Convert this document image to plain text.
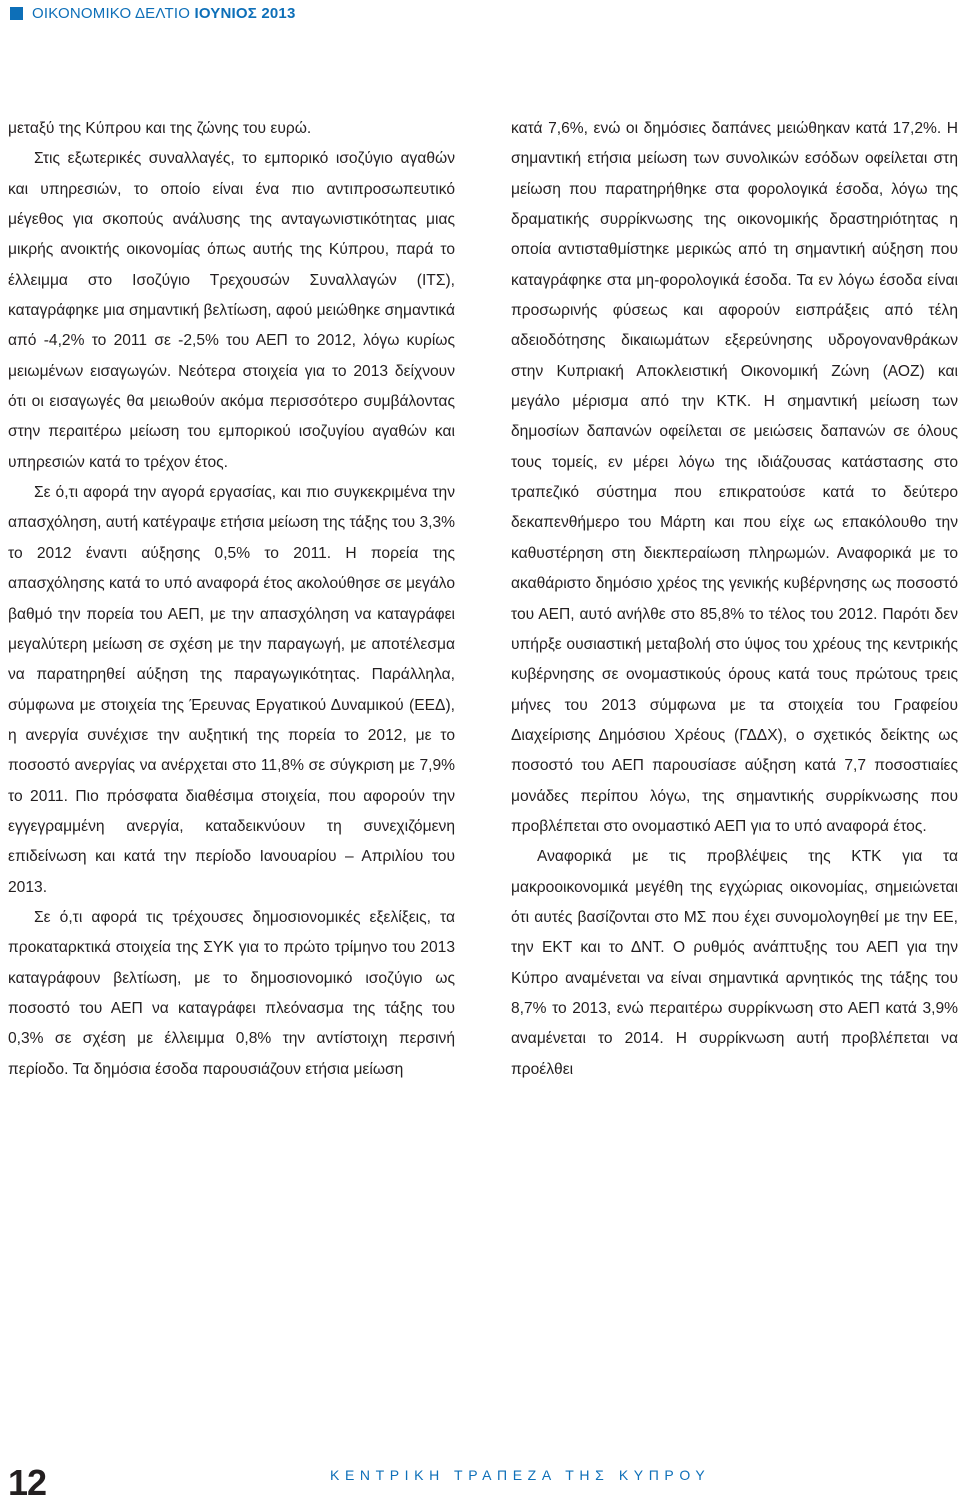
ΟΙΚΟΝΟΜΙΚΟ ΔΕΛΤΙΟ ΙΟΥΝΙΟΣ 2013

μεταξύ της Κύπρου και της ζώνης του ευρώ.

Στις εξωτερικές συναλλαγές, το εμπορικό ισοζύγιο αγαθών και υπηρεσιών, το οποίο είναι ένα πιο αντιπροσωπευτικό μέγεθος για σκοπούς ανάλυσης της ανταγωνιστικότητας μιας μικρής ανοικτής οικονομίας όπως αυτής της Κύπρου, παρά το έλλειμμα στο Ισοζύγιο Τρεχουσών Συναλλαγών (ΙΤΣ), καταγράφηκε μια σημαντική βελτίωση, αφού μειώθηκε σημαντικά από -4,2% το 2011 σε -2,5% του ΑΕΠ το 2012, λόγω κυρίως μειωμένων εισαγωγών. Νεότερα στοιχεία για το 2013 δείχνουν ότι οι εισαγωγές θα μειωθούν ακόμα περισσότερο συμβάλοντας στην περαιτέρω μείωση του εμπορικού ισοζυγίου αγαθών και υπηρεσιών κατά το τρέχον έτος.

Σε ό,τι αφορά την αγορά εργασίας, και πιο συγκεκριμένα την απασχόληση, αυτή κατέγραψε ετήσια μείωση της τάξης του 3,3% το 2012 έναντι αύξησης 0,5% το 2011. Η πορεία της απασχόλησης κατά το υπό αναφορά έτος ακολούθησε σε μεγάλο βαθμό την πορεία του ΑΕΠ, με την απασχόληση να καταγράφει μεγαλύτερη μείωση σε σχέση με την παραγωγή, με αποτέλεσμα να παρατηρηθεί αύξηση της παραγωγικότητας. Παράλληλα, σύμφωνα με στοιχεία της Έρευνας Εργατικού Δυναμικού (ΕΕΔ), η ανεργία συνέχισε την αυξητική της πορεία το 2012, με το ποσοστό ανεργίας να ανέρχεται στο 11,8% σε σύγκριση με 7,9% το 2011. Πιο πρόσφατα διαθέσιμα στοιχεία, που αφορούν την εγγεγραμμένη ανεργία, καταδεικνύουν τη συνεχιζόμενη επιδείνωση και κατά την περίοδο Ιανουαρίου – Απριλίου του 2013.

Σε ό,τι αφορά τις τρέχουσες δημοσιονομικές εξελίξεις, τα προκαταρκτικά στοιχεία της ΣΥΚ για το πρώτο τρίμηνο του 2013 καταγράφουν βελτίωση, με το δημοσιονομικό ισοζύγιο ως ποσοστό του ΑΕΠ να καταγράφει πλεόνασμα της τάξης του 0,3% σε σχέση με έλλειμμα 0,8% την αντίστοιχη περσινή περίοδο. Τα δημόσια έσοδα παρουσιάζουν ετήσια μείωση

κατά 7,6%, ενώ οι δημόσιες δαπάνες μειώθηκαν κατά 17,2%. Η σημαντική ετήσια μείωση των συνολικών εσόδων οφείλεται στη μείωση που παρατηρήθηκε στα φορολογικά έσοδα, λόγω της δραματικής συρρίκνωσης της οικονομικής δραστηριότητας η οποία αντισταθμίστηκε μερικώς από τη σημαντική αύξηση που καταγράφηκε στα μη-φορολογικά έσοδα. Τα εν λόγω έσοδα είναι προσωρινής φύσεως και αφορούν εισπράξεις από τέλη αδειοδότησης δικαιωμάτων εξερεύνησης υδρογονανθράκων στην Κυπριακή Αποκλειστική Οικονομική Ζώνη (ΑΟΖ) και μεγάλο μέρισμα από την ΚΤΚ. Η σημαντική μείωση των δημοσίων δαπανών οφείλεται σε μειώσεις δαπανών σε όλους τους τομείς, εν μέρει λόγω της ιδιάζουσας κατάστασης στο τραπεζικό σύστημα που επικρατούσε κατά το δεύτερο δεκαπενθήμερο του Μάρτη και που είχε ως επακόλουθο την καθυστέρηση στη διεκπεραίωση πληρωμών. Αναφορικά με το ακαθάριστο δημόσιο χρέος της γενικής κυβέρνησης ως ποσοστό του ΑΕΠ, αυτό ανήλθε στο 85,8% το τέλος του 2012. Παρότι δεν υπήρξε ουσιαστική μεταβολή στο ύψος του χρέους της κεντρικής κυβέρνησης σε ονομαστικούς όρους κατά τους πρώτους τρεις μήνες του 2013 σύμφωνα με τα στοιχεία του Γραφείου Διαχείρισης Δημόσιου Χρέους (ΓΔΔΧ), ο σχετικός δείκτης ως ποσοστό του ΑΕΠ παρουσίασε αύξηση κατά 7,7 ποσοστιαίες μονάδες περίπου λόγω, της σημαντικής συρρίκνωσης που προβλέπεται στο ονομαστικό ΑΕΠ για το υπό αναφορά έτος.

Αναφορικά με τις προβλέψεις της ΚΤΚ για τα μακροοικονομικά μεγέθη της εγχώριας οικονομίας, σημειώνεται ότι αυτές βασίζονται στο ΜΣ που έχει συνομολογηθεί με την ΕΕ, την ΕΚΤ και το ΔΝΤ. Ο ρυθμός ανάπτυξης του ΑΕΠ για την Κύπρο αναμένεται να είναι σημαντικά αρνητικός της τάξης του 8,7% το 2013, ενώ περαιτέρω συρρίκνωση στο ΑΕΠ κατά 3,9% αναμένεται το 2014. Η συρρίκνωση αυτή προβλέπεται να προέλθει

12	ΚΕΝΤΡΙΚΗ ΤΡΑΠΕΖΑ ΤΗΣ ΚΥΠΡΟΥ
